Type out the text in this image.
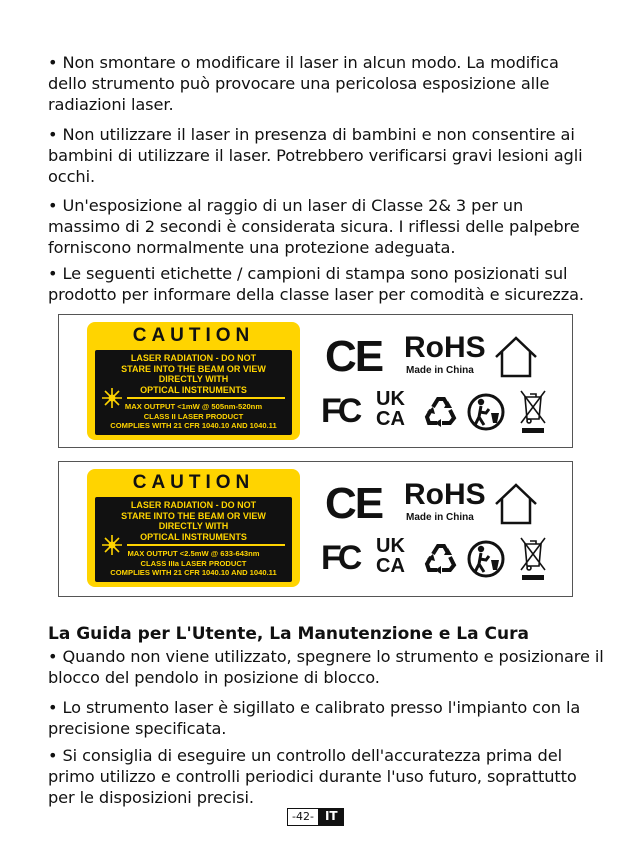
• Non smontare o modificare il laser in alcun modo. La modifica dello strumento può provocare una pericolosa esposizione alle radiazioni laser.
• Non utilizzare il laser in presenza di bambini e non consentire ai bambini di utilizzare il laser. Potrebbero verificarsi gravi lesioni agli occhi.
• Un'esposizione al raggio di un laser di Classe 2& 3 per un massimo di 2 secondi è considerata sicura. I riflessi delle palpebre forniscono normalmente una protezione adeguata.
• Le seguenti etichette / campioni di stampa sono posizionati sul prodotto per informare della classe laser per comodità e sicurezza.
CAUTION
LASER RADIATION - DO NOT
STARE INTO THE BEAM OR VIEW
DIRECTLY WITH
OPTICAL INSTRUMENTS
MAX OUTPUT <1mW @ 505nm-520nm
CLASS II LASER PRODUCT
COMPLIES WITH 21 CFR 1040.10 AND 1040.11
CE RoHS
Made in China
FC UK CA
CAUTION
LASER RADIATION - DO NOT
STARE INTO THE BEAM OR VIEW
DIRECTLY WITH
OPTICAL INSTRUMENTS
MAX OUTPUT <2.5mW @ 633-643nm
CLASS IIIa LASER PRODUCT
COMPLIES WITH 21 CFR 1040.10 AND 1040.11
CE RoHS
Made in China
FC UK CA
La Guida per L'Utente, La Manutenzione e La Cura
• Quando non viene utilizzato, spegnere lo strumento e posizionare il blocco del pendolo in posizione di blocco.
• Lo strumento laser è sigillato e calibrato presso l'impianto con la precisione specificata.
• Si consiglia di eseguire un controllo dell'accuratezza prima del primo utilizzo e controlli periodici durante l'uso futuro, soprattutto per le disposizioni precisi.
-42- IT
